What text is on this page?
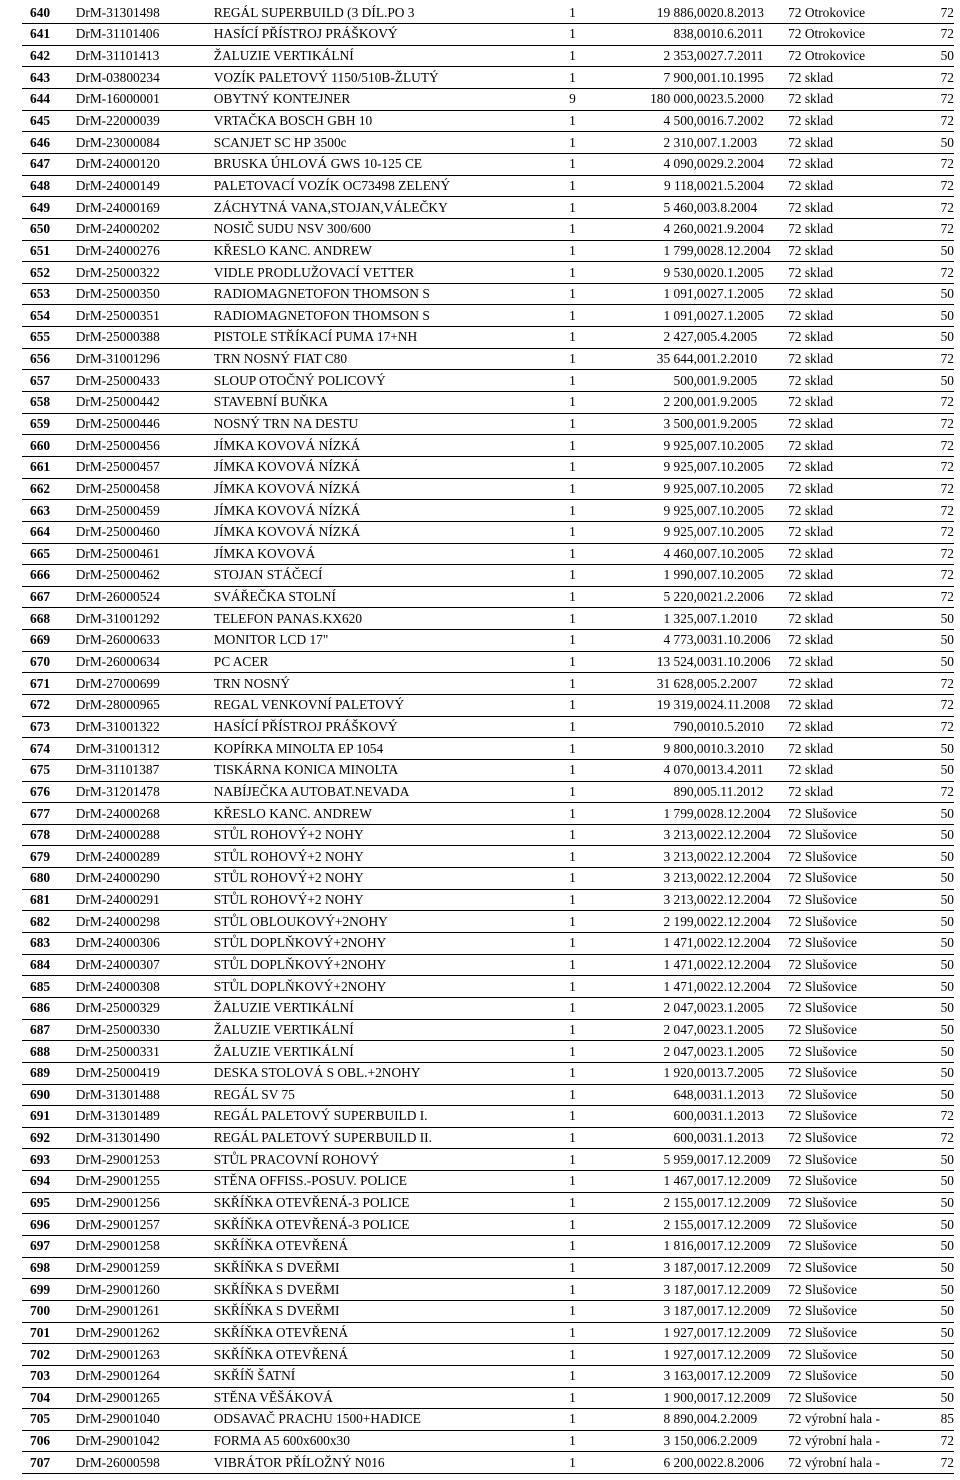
640	DrM-31301498	REGÁL SUPERBUILD (3 DÍL.PO 3	1	19 886,00	20.8.2013	72 Otrokovice	72
641	DrM-31101406	HASÍCÍ PŘÍSTROJ PRÁŠKOVÝ	1	838,00	10.6.2011	72 Otrokovice	72
642	DrM-31101413	ŽALUZIE VERTIKÁLNÍ	1	2 353,00	27.7.2011	72 Otrokovice	50
643	DrM-03800234	VOZÍK PALETOVÝ 1150/510B-ŽLUTÝ	1	7 900,00	1.10.1995	72 sklad	72
644	DrM-16000001	OBYTNÝ KONTEJNER	9	180 000,00	23.5.2000	72 sklad	72
645	DrM-22000039	VRTAČKA BOSCH GBH 10	1	4 500,00	16.7.2002	72 sklad	72
646	DrM-23000084	SCANJET SC HP 3500c	1	2 310,00	7.1.2003	72 sklad	50
647	DrM-24000120	BRUSKA ÚHLOVÁ GWS 10-125 CE	1	4 090,00	29.2.2004	72 sklad	72
648	DrM-24000149	PALETOVACÍ VOZÍK OC73498 ZELENÝ	1	9 118,00	21.5.2004	72 sklad	72
649	DrM-24000169	ZÁCHYTNÁ VANA,STOJAN,VÁLEČKY	1	5 460,00	3.8.2004	72 sklad	72
650	DrM-24000202	NOSIČ SUDU NSV 300/600	1	4 260,00	21.9.2004	72 sklad	72
651	DrM-24000276	KŘESLO KANC. ANDREW	1	1 799,00	28.12.2004	72 sklad	50
652	DrM-25000322	VIDLE PRODLUŽOVACÍ VETTER	1	9 530,00	20.1.2005	72 sklad	72
653	DrM-25000350	RADIOMAGNETOFON THOMSON S	1	1 091,00	27.1.2005	72 sklad	50
654	DrM-25000351	RADIOMAGNETOFON THOMSON S	1	1 091,00	27.1.2005	72 sklad	50
655	DrM-25000388	PISTOLE STŘÍKACÍ PUMA 17+NH	1	2 427,00	5.4.2005	72 sklad	50
656	DrM-31001296	TRN NOSNÝ FIAT C80	1	35 644,00	1.2.2010	72 sklad	72
657	DrM-25000433	SLOUP OTOČNÝ POLICOVÝ	1	500,00	1.9.2005	72 sklad	50
658	DrM-25000442	STAVEBNÍ BUŇKA	1	2 200,00	1.9.2005	72 sklad	72
659	DrM-25000446	NOSNÝ TRN NA DESTU	1	3 500,00	1.9.2005	72 sklad	72
660	DrM-25000456	JÍMKA KOVOVÁ NÍZKÁ	1	9 925,00	7.10.2005	72 sklad	72
661	DrM-25000457	JÍMKA KOVOVÁ NÍZKÁ	1	9 925,00	7.10.2005	72 sklad	72
662	DrM-25000458	JÍMKA KOVOVÁ NÍZKÁ	1	9 925,00	7.10.2005	72 sklad	72
663	DrM-25000459	JÍMKA KOVOVÁ NÍZKÁ	1	9 925,00	7.10.2005	72 sklad	72
664	DrM-25000460	JÍMKA KOVOVÁ NÍZKÁ	1	9 925,00	7.10.2005	72 sklad	72
665	DrM-25000461	JÍMKA KOVOVÁ	1	4 460,00	7.10.2005	72 sklad	72
666	DrM-25000462	STOJAN STÁČECÍ	1	1 990,00	7.10.2005	72 sklad	72
667	DrM-26000524	SVÁŘEČKA STOLNÍ	1	5 220,00	21.2.2006	72 sklad	72
668	DrM-31001292	TELEFON PANAS.KX620	1	1 325,00	7.1.2010	72 sklad	50
669	DrM-26000633	MONITOR LCD 17"	1	4 773,00	31.10.2006	72 sklad	50
670	DrM-26000634	PC ACER	1	13 524,00	31.10.2006	72 sklad	50
671	DrM-27000699	TRN NOSNÝ	1	31 628,00	5.2.2007	72 sklad	72
672	DrM-28000965	REGAL VENKOVNÍ PALETOVÝ	1	19 319,00	24.11.2008	72 sklad	72
673	DrM-31001322	HASÍCÍ PŘÍSTROJ PRÁŠKOVÝ	1	790,00	10.5.2010	72 sklad	72
674	DrM-31001312	KOPÍRKA MINOLTA EP 1054	1	9 800,00	10.3.2010	72 sklad	50
675	DrM-31101387	TISKÁRNA KONICA MINOLTA	1	4 070,00	13.4.2011	72 sklad	50
676	DrM-31201478	NABÍJEČKA AUTOBAT.NEVADA	1	890,00	5.11.2012	72 sklad	72
677	DrM-24000268	KŘESLO KANC. ANDREW	1	1 799,00	28.12.2004	72 Slušovice	50
678	DrM-24000288	STŮL ROHOVÝ+2 NOHY	1	3 213,00	22.12.2004	72 Slušovice	50
679	DrM-24000289	STŮL ROHOVÝ+2 NOHY	1	3 213,00	22.12.2004	72 Slušovice	50
680	DrM-24000290	STŮL ROHOVÝ+2 NOHY	1	3 213,00	22.12.2004	72 Slušovice	50
681	DrM-24000291	STŮL ROHOVÝ+2 NOHY	1	3 213,00	22.12.2004	72 Slušovice	50
682	DrM-24000298	STŮL OBLOUKOVÝ+2NOHY	1	2 199,00	22.12.2004	72 Slušovice	50
683	DrM-24000306	STŮL DOPLŇKOVÝ+2NOHY	1	1 471,00	22.12.2004	72 Slušovice	50
684	DrM-24000307	STŮL DOPLŇKOVÝ+2NOHY	1	1 471,00	22.12.2004	72 Slušovice	50
685	DrM-24000308	STŮL DOPLŇKOVÝ+2NOHY	1	1 471,00	22.12.2004	72 Slušovice	50
686	DrM-25000329	ŽALUZIE VERTIKÁLNÍ	1	2 047,00	23.1.2005	72 Slušovice	50
687	DrM-25000330	ŽALUZIE VERTIKÁLNÍ	1	2 047,00	23.1.2005	72 Slušovice	50
688	DrM-25000331	ŽALUZIE VERTIKÁLNÍ	1	2 047,00	23.1.2005	72 Slušovice	50
689	DrM-25000419	DESKA STOLOVÁ S OBL.+2NOHY	1	1 920,00	13.7.2005	72 Slušovice	50
690	DrM-31301488	REGÁL SV 75	1	648,00	31.1.2013	72 Slušovice	50
691	DrM-31301489	REGÁL PALETOVÝ SUPERBUILD I.	1	600,00	31.1.2013	72 Slušovice	72
692	DrM-31301490	REGÁL PALETOVÝ SUPERBUILD II.	1	600,00	31.1.2013	72 Slušovice	72
693	DrM-29001253	STŮL PRACOVNÍ ROHOVÝ	1	5 959,00	17.12.2009	72 Slušovice	50
694	DrM-29001255	STĚNA OFFISS.-POSUV. POLICE	1	1 467,00	17.12.2009	72 Slušovice	50
695	DrM-29001256	SKŘÍŇKA OTEVŘENÁ-3 POLICE	1	2 155,00	17.12.2009	72 Slušovice	50
696	DrM-29001257	SKŘÍŇKA OTEVŘENÁ-3 POLICE	1	2 155,00	17.12.2009	72 Slušovice	50
697	DrM-29001258	SKŘÍŇKA OTEVŘENÁ	1	1 816,00	17.12.2009	72 Slušovice	50
698	DrM-29001259	SKŘÍŇKA S DVEŘMI	1	3 187,00	17.12.2009	72 Slušovice	50
699	DrM-29001260	SKŘÍŇKA S DVEŘMI	1	3 187,00	17.12.2009	72 Slušovice	50
700	DrM-29001261	SKŘÍŇKA S DVEŘMI	1	3 187,00	17.12.2009	72 Slušovice	50
701	DrM-29001262	SKŘÍŇKA OTEVŘENÁ	1	1 927,00	17.12.2009	72 Slušovice	50
702	DrM-29001263	SKŘÍŇKA OTEVŘENÁ	1	1 927,00	17.12.2009	72 Slušovice	50
703	DrM-29001264	SKŘÍŇ ŠATNÍ	1	3 163,00	17.12.2009	72 Slušovice	50
704	DrM-29001265	STĚNA VĚŠÁKOVÁ	1	1 900,00	17.12.2009	72 Slušovice	50
705	DrM-29001040	ODSAVAČ PRACHU 1500+HADICE	1	8 890,00	4.2.2009	72 výrobní hala -	85
706	DrM-29001042	FORMA A5 600x600x30	1	3 150,00	6.2.2009	72 výrobní hala -	72
707	DrM-26000598	VIBRÁTOR PŘÍLOŽNÝ N016	1	6 200,00	22.8.2006	72 výrobní hala -	72
